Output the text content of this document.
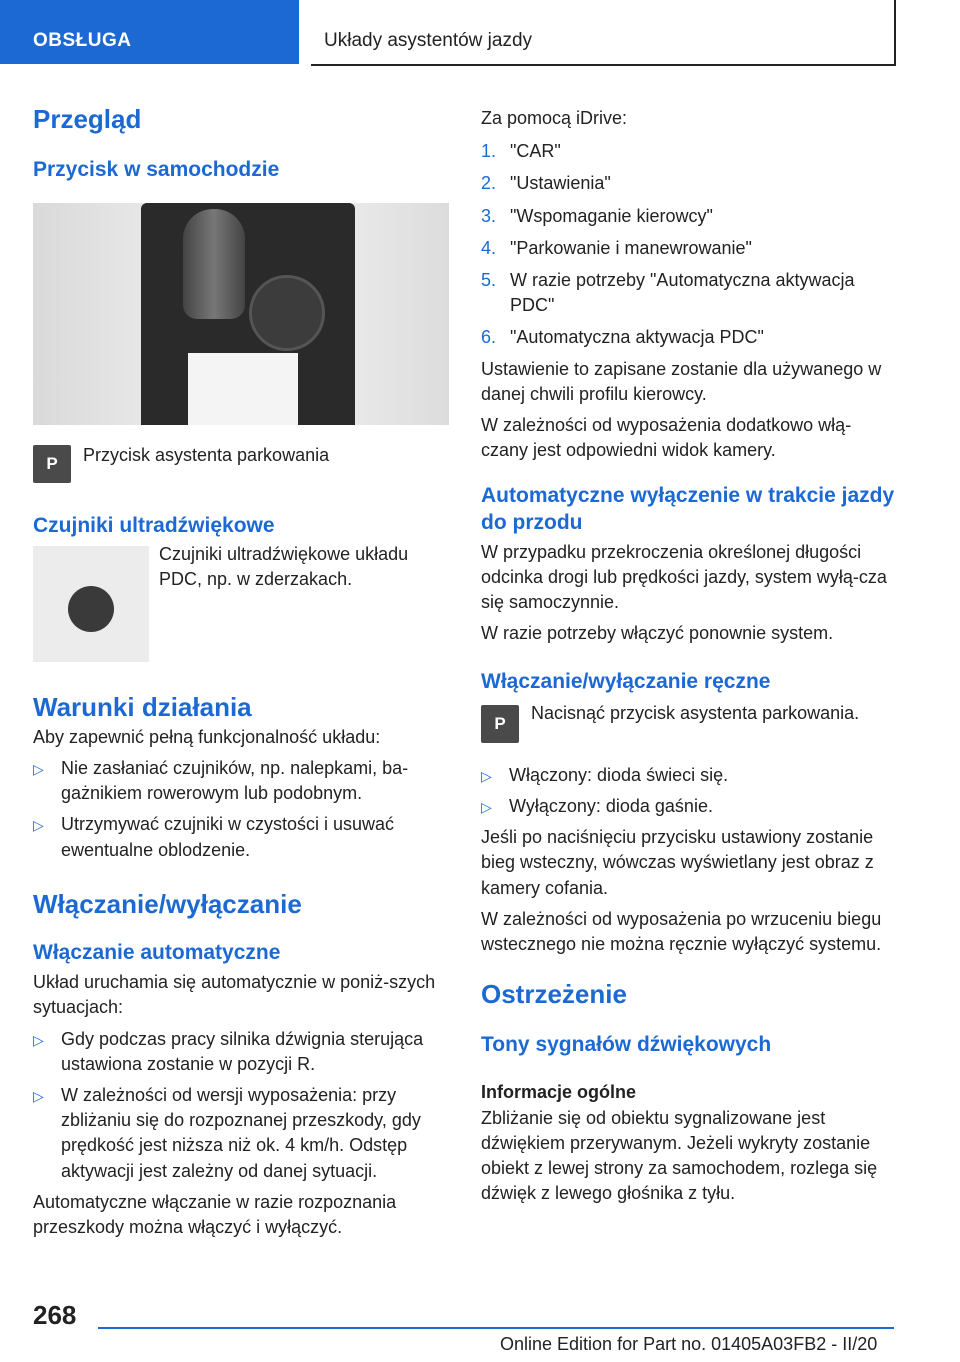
OBSŁUGA	Układy asystentów jazdy
Przegląd
Przycisk w samochodzie
P	Przycisk asystenta parkowania

Czujniki ultradźwiękowe

Czujniki ultradźwiękowe układu PDC, np. w zderzakach.

Warunki działania

Aby zapewnić pełną funkcjonalność układu:

▷ Nie zasłaniać czujników, np. nalepkami, ba-gażnikiem rowerowym lub podobnym.
▷ Utrzymywać czujniki w czystości i usuwać ewentualne oblodzenie.
Włączanie/wyłączanie
Włączanie automatyczne

Układ uruchamia się automatycznie w poniż-szych sytuacjach:

▷ Gdy podczas pracy silnika dźwignia sterująca ustawiona zostanie w pozycji R.
▷ W zależności od wersji wyposażenia: przy zbliżaniu się do rozpoznanej przeszkody, gdy prędkość jest niższa niż ok. 4 km/h. Odstęp aktywacji jest zależny od danej sytuacji.

Automatyczne włączanie w razie rozpoznania przeszkody można włączyć i wyłączyć.

Za pomocą iDrive:

1. "CAR"
2. "Ustawienia"
3. "Wspomaganie kierowcy"
4. "Parkowanie i manewrowanie"
5. W razie potrzeby "Automatyczna aktywacja PDC"
6. "Automatyczna aktywacja PDC"

Ustawienie to zapisane zostanie dla używanego w danej chwili profilu kierowcy.

W zależności od wyposażenia dodatkowo włą-czany jest odpowiedni widok kamery.

Automatyczne wyłączenie w trakcie jazdy do przodu

W przypadku przekroczenia określonej długości odcinka drogi lub prędkości jazdy, system wyłą-cza się samoczynnie.

W razie potrzeby włączyć ponownie system.

Włączanie/wyłączanie ręczne
P

Nacisnąć przycisk asystenta parkowania.

▷ Włączony: dioda świeci się.
▷ Wyłączony: dioda gaśnie.

Jeśli po naciśnięciu przycisku ustawiony zostanie bieg wsteczny, wówczas wyświetlany jest obraz z kamery cofania.

W zależności od wyposażenia po wrzuceniu biegu wstecznego nie można ręcznie wyłączyć systemu.

Ostrzeżenie
Tony sygnałów dźwiękowych
Informacje ogólne

Zbliżanie się od obiektu sygnalizowane jest dźwiękiem przerywanym. Jeżeli wykryty zostanie obiekt z lewej strony za samochodem, rozlega się dźwięk z lewego głośnika z tyłu.

268
Online Edition for Part no. 01405A03FB2 - II/20
